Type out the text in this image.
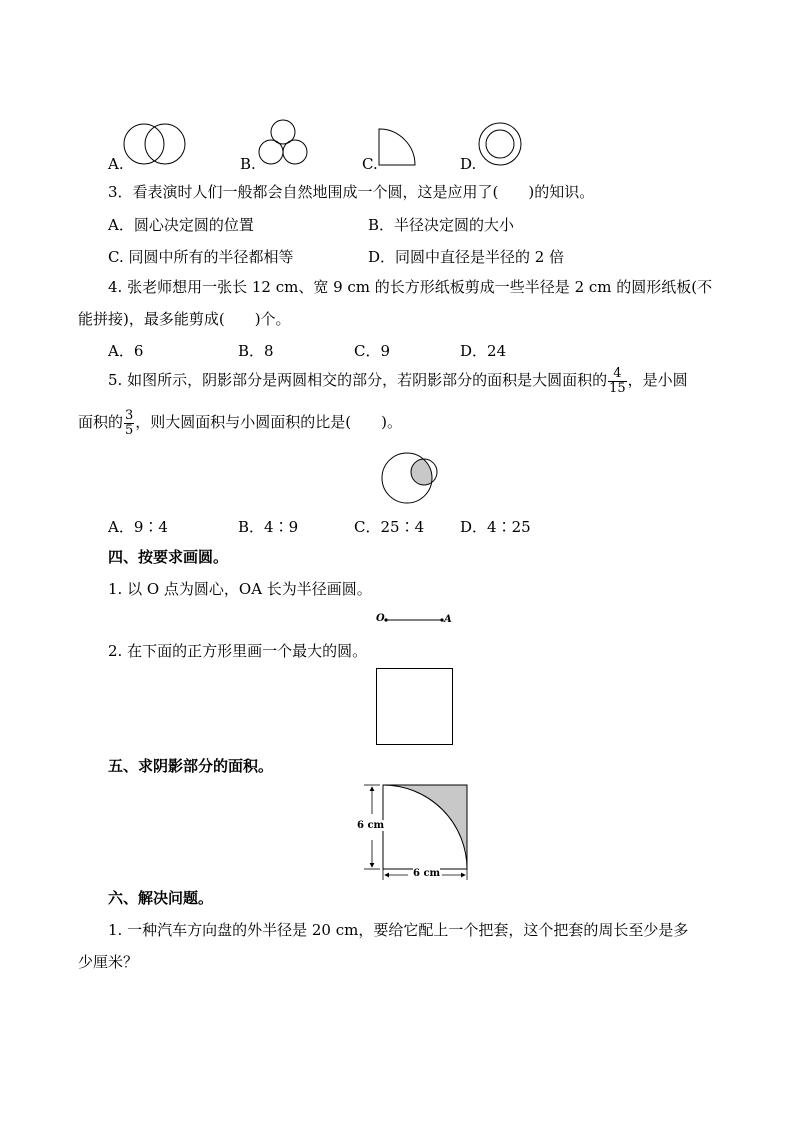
A.	B.	C.	D.
3．看表演时人们一般都会自然地围成一个圆，这是应用了(　　)的知识。
A．圆心决定圆的位置	B．半径决定圆的大小
C. 同圆中所有的半径都相等	D．同圆中直径是半径的 2 倍
4. 张老师想用一张长 12 cm、宽 9 cm 的长方形纸板剪成一些半径是 2 cm 的圆形纸板(不
能拼接)，最多能剪成(　　)个。
A．6	B．8	C．9	D．24
5. 如图所示，阴影部分是两圆相交的部分，若阴影部分的面积是大圆面积的 $\frac{4}{15}$ ，是小圆
面积的 $\frac{3}{5}$ ，则大圆面积与小圆面积的比是(　　)。
A．9∶4	B．4∶9	C．25∶4 D．4∶25
四、按要求画圆。
1. 以 O 点为圆心，OA 长为半径画圆。
O	A
2. 在下面的正方形里画一个最大的圆。
五、求阴影部分的面积。
6 cm
6 cm
六、解决问题。
1. 一种汽车方向盘的外半径是 20 cm，要给它配上一个把套，这个把套的周长至少是多
少厘米？
